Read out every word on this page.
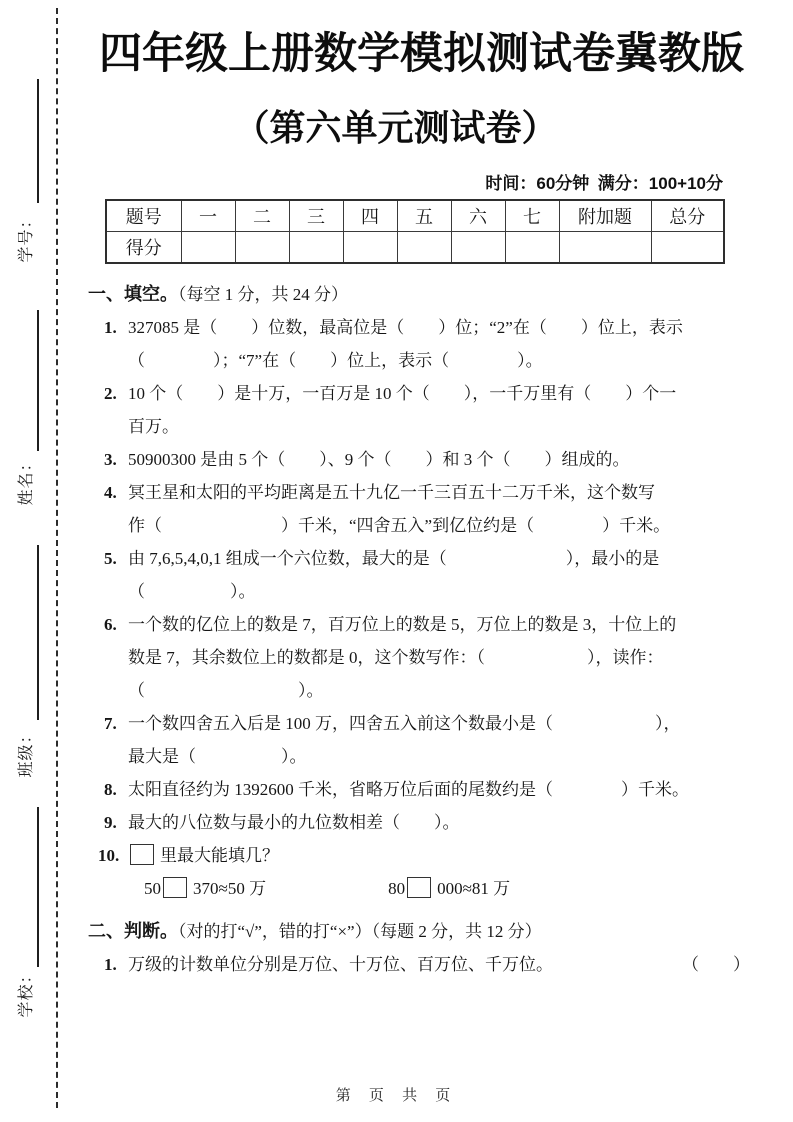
学号：
姓名：
班级：
学校：
四年级上册数学模拟测试卷冀教版
（第六单元测试卷）
时间：60分钟 满分：100+10分
题号	一	二	三	四	五	六	七	附加题	总分
得分									
一、填空。（每空 1 分，共 24 分）
1. 327085 是（　　）位数，最高位是（　　）位；“2”在（　　）位上，表示
（　　　　）；“7”在（　　）位上，表示（　　　　）。
2. 10 个（　　）是十万，一百万是 10 个（　　），一千万里有（　　）个一
百万。
3. 50900300 是由 5 个（　　）、9 个（　　）和 3 个（　　）组成的。
4. 冥王星和太阳的平均距离是五十九亿一千三百五十二万千米，这个数写
作（　　　　　　　）千米，“四舍五入”到亿位约是（　　　　）千米。
5. 由 7,6,5,4,0,1 组成一个六位数，最大的是（　　　　　　　），最小的是
（　　　　　）。
6. 一个数的亿位上的数是 7，百万位上的数是 5，万位上的数是 3，十位上的
数是 7，其余数位上的数都是 0，这个数写作：（　　　　　　），读作：
（　　　　　　　　　）。
7. 一个数四舍五入后是 100 万，四舍五入前这个数最小是（　　　　　　），
最大是（　　　　　）。
8. 太阳直径约为 1392600 千米，省略万位后面的尾数约是（　　　　）千米。
9. 最大的八位数与最小的九位数相差（　　）。
10.	里最大能填几？
50 370≈50 万	80 000≈81 万
二、判断。（对的打“√”，错的打“×”）（每题 2 分，共 12 分）
1.	（　　）
万级的计数单位分别是万位、十万位、百万位、千万位。
第 页 共 页
